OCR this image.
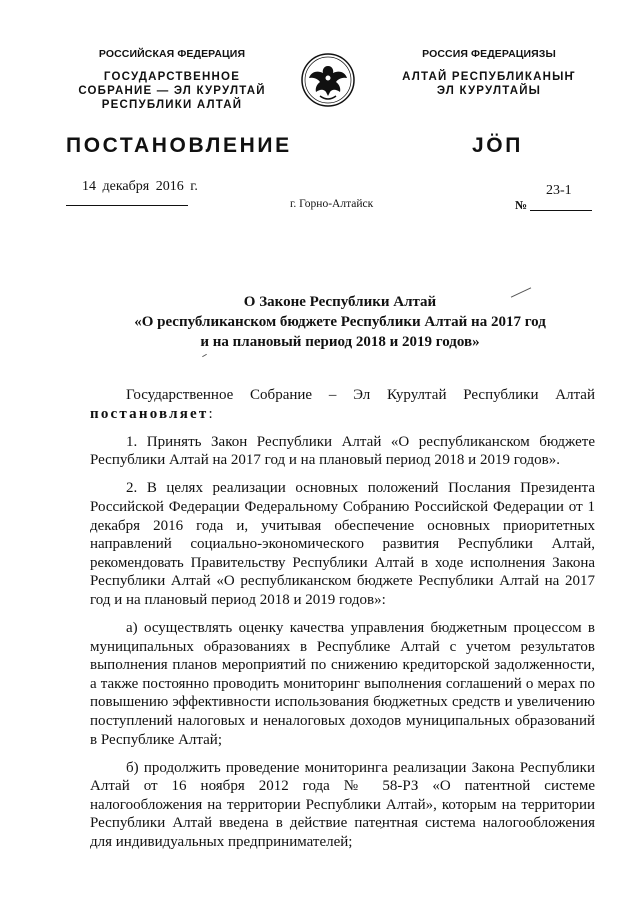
РОССИЙСКАЯ ФЕДЕРАЦИЯ
ГОСУДАРСТВЕННОЕ
СОБРАНИЕ — ЭЛ КУРУЛТАЙ
РЕСПУБЛИКИ АЛТАЙ
РОССИЯ ФЕДЕРАЦИЯЗЫ
АЛТАЙ РЕСПУБЛИКАНЫҤ
ЭЛ КУРУЛТАЙЫ
ПОСТАНОВЛЕНИЕ	JÖП
14 декабря 2016 г.
г. Горно-Алтайск
23-1
№
О Законе Республики Алтай
«О республиканском бюджете Республики Алтай на 2017 год
и на плановый период 2018 и 2019 годов»

Государственное Собрание – Эл Курултай Республики Алтай постановляет:

1. Принять Закон Республики Алтай «О республиканском бюджете Республики Алтай на 2017 год и на плановый период 2018 и 2019 годов».

2. В целях реализации основных положений Послания Президента Российской Федерации Федеральному Собранию Российской Федерации от 1 декабря 2016 года и, учитывая обеспечение основных приоритетных направлений социально-экономического развития Республики Алтай, рекомендовать Правительству Республики Алтай в ходе исполнения Закона Республики Алтай «О республиканском бюджете Республики Алтай на 2017 год и на плановый период 2018 и 2019 годов»:

а) осуществлять оценку качества управления бюджетным процессом в муниципальных образованиях в Республике Алтай с учетом результатов выполнения планов мероприятий по снижению кредиторской задолженности, а также постоянно проводить мониторинг выполнения соглашений о мерах по повышению эффективности использования бюджетных средств и увеличению поступлений налоговых и неналоговых доходов муниципальных образований в Республике Алтай;

б) продолжить проведение мониторинга реализации Закона Республики Алтай от 16 ноября 2012 года № 58-РЗ «О патентной системе налогообложения на территории Республики Алтай», которым на территории Республики Алтай введена в действие патентная система налогообложения для индивидуальных предпринимателей;
